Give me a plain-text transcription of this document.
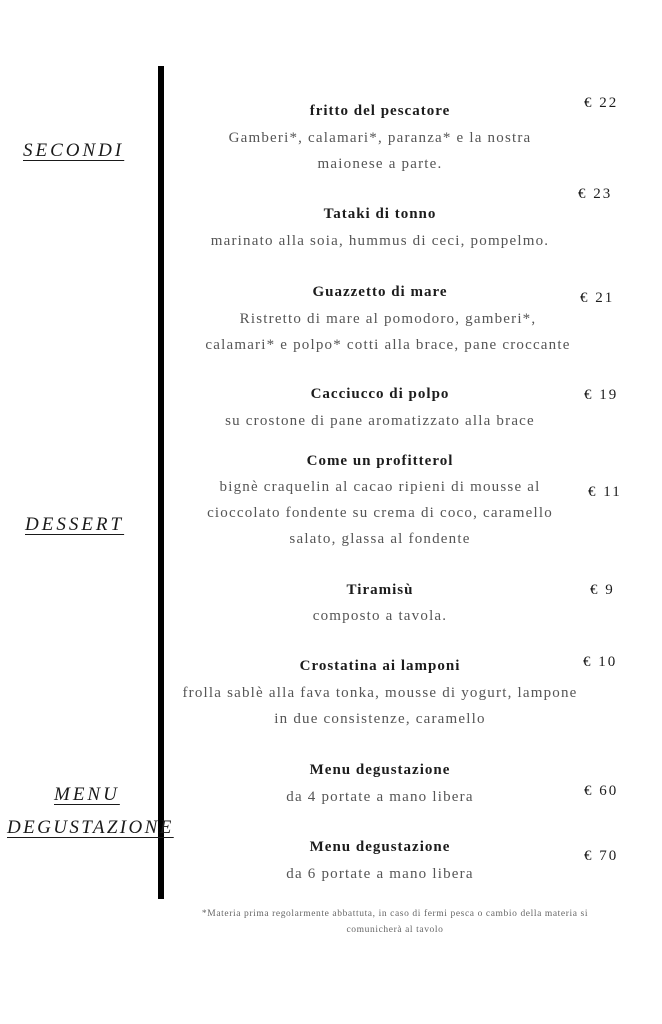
SECONDI
DESSERT
MENU
DEGUSTAZIONE
fritto del pescatore
Gamberi*, calamari*, paranza* e la nostra
maionese a parte.
€ 22
Tataki di tonno
marinato alla soia, hummus di ceci, pompelmo.
€ 23
Guazzetto di mare
Ristretto di mare al pomodoro, gamberi*,
calamari* e polpo* cotti alla brace, pane croccante
€ 21
Cacciucco di polpo
su crostone di pane aromatizzato alla brace
€ 19
Come un profitterol
bignè craquelin al cacao ripieni di mousse al
cioccolato fondente su crema di coco, caramello
salato, glassa al fondente
€ 11
Tiramisù
composto a tavola.
€ 9
Crostatina ai lamponi
frolla sablè alla fava tonka, mousse di yogurt, lampone
in due consistenze, caramello
€ 10
Menu degustazione
da 4 portate a mano libera	€ 60
Menu degustazione
da 6 portate a mano libera
€ 70
*Materia prima regolarmente abbattuta, in caso di fermi pesca o cambio della materia si
comunicherà al tavolo
